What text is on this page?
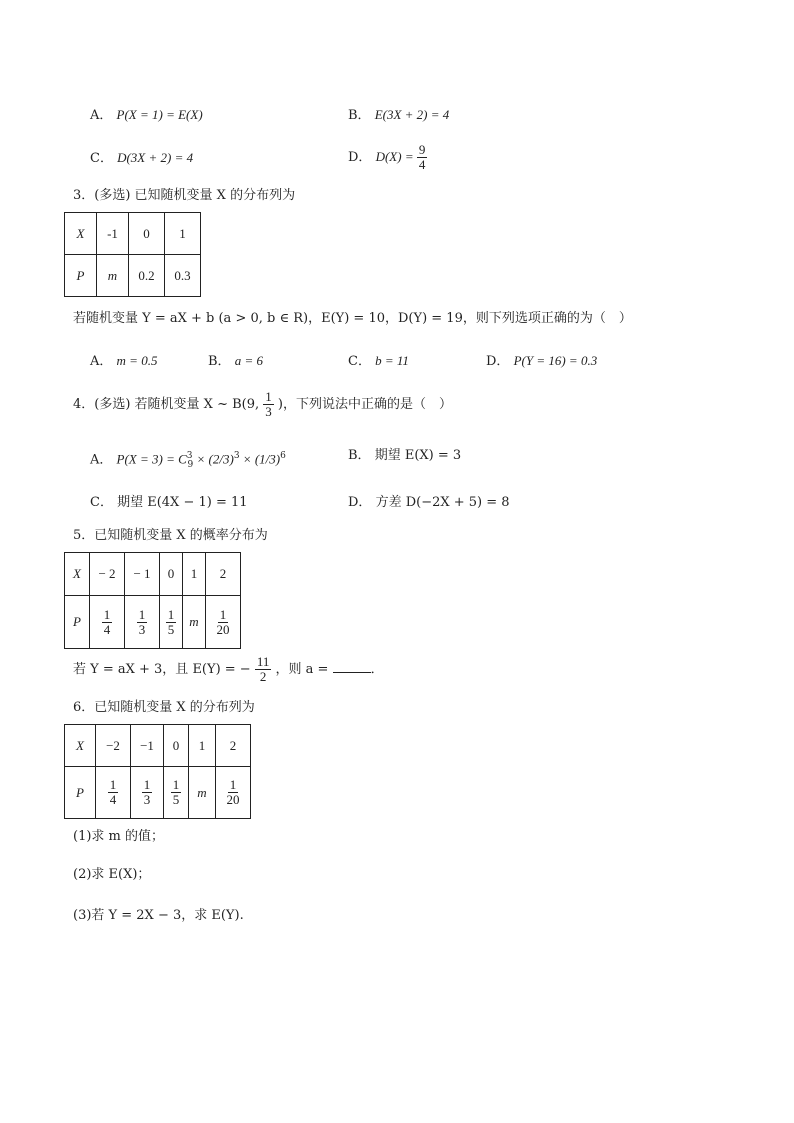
A． P(X = 1) = E(X)	B． E(3X + 2) = 4
C． D(3X + 2) = 4	D． $D(X) = \frac{9}{4}$
3．(多选) 已知随机变量 X 的分布列为
X	-1	0	1
P	m	0.2	0.3
若随机变量 Y = aX + b (a > 0, b ∈ R)，E(Y) = 10，D(Y) = 19，则下列选项正确的为（　）
A． m = 0.5	B． a = 6	C． b = 11	D． P(Y = 16) = 0.3
4．(多选) 若随机变量 X ~ B(9, $\frac{1}{3}$ )，下列说法中正确的是（　）
A． $P(X = 3) = C^3_9 \times (2/3)^3 \times (1/3)^6$	B． 期望 E(X) = 3
C． 期望 E(4X − 1) = 11	D． 方差 D(−2X + 5) = 8
5．已知随机变量 X 的概率分布为
X	− 2	− 1	0	1	2
P	$\frac{1}{4}$	$\frac{1}{3}$	$\frac{1}{5}$	m	$\frac{1}{20}$
若 Y = aX + 3，且 E(Y) = − $\frac{11}{2}$ ，则 a =	．
6．已知随机变量 X 的分布列为
X	−2	−1	0	1	2
P	$\frac{1}{4}$	$\frac{1}{3}$	$\frac{1}{5}$	m	$\frac{1}{20}$
(1)求 m 的值；
(2)求 E(X)；
(3)若 Y = 2X − 3，求 E(Y).
